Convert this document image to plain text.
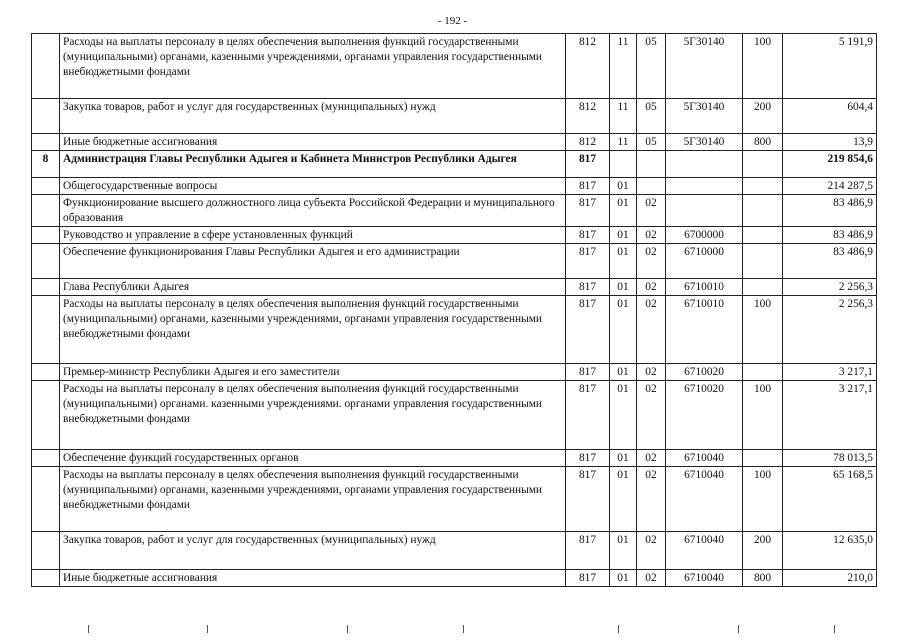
- 192 -
	Расходы на выплаты персоналу в целях обеспечения выполнения функций государственными (муниципальными) органами, казенными учреждениями, органами управления государственными внебюджетными фондами	812	11	05	5Г30140	100	5 191,9
	Закупка товаров, работ и услуг для государственных (муниципальных) нужд	812	11	05	5Г30140	200	604,4
	Иные бюджетные ассигнования	812	11	05	5Г30140	800	13,9
8	Администрация Главы Республики Адыгея и Кабинета Министров Республики Адыгея	817					219 854,6
	Общегосударственные вопросы	817	01				214 287,5
	Функционирование высшего должностного лица субъекта Российской Федерации и муниципального образования	817	01	02			83 486,9
	Руководство и управление в сфере установленных функций	817	01	02	6700000		83 486,9
	Обеспечение функционирования Главы Республики Адыгея и его администрации	817	01	02	6710000		83 486,9
	Глава Республики Адыгея	817	01	02	6710010		2 256,3
	Расходы на выплаты персоналу в целях обеспечения выполнения функций государственными (муниципальными) органами, казенными учреждениями, органами управления государственными внебюджетными фондами	817	01	02	6710010	100	2 256,3
	Премьер-министр Республики Адыгея и его заместители	817	01	02	6710020		3 217,1
	Расходы на выплаты персоналу в целях обеспечения выполнения функций государственными (муниципальными) органами. казенными учреждениями. органами управления государственными внебюджетными фондами	817	01	02	6710020	100	3 217,1
	Обеспечение функций государственных органов	817	01	02	6710040		78 013,5
	Расходы на выплаты персоналу в целях обеспечения выполнения функций государственными (муниципальными) органами, казенными учреждениями, органами управления государственными внебюджетными фондами	817	01	02	6710040	100	65 168,5
	Закупка товаров, работ и услуг для государственных (муниципальных) нужд	817	01	02	6710040	200	12 635,0
	Иные бюджетные ассигнования	817	01	02	6710040	800	210,0
